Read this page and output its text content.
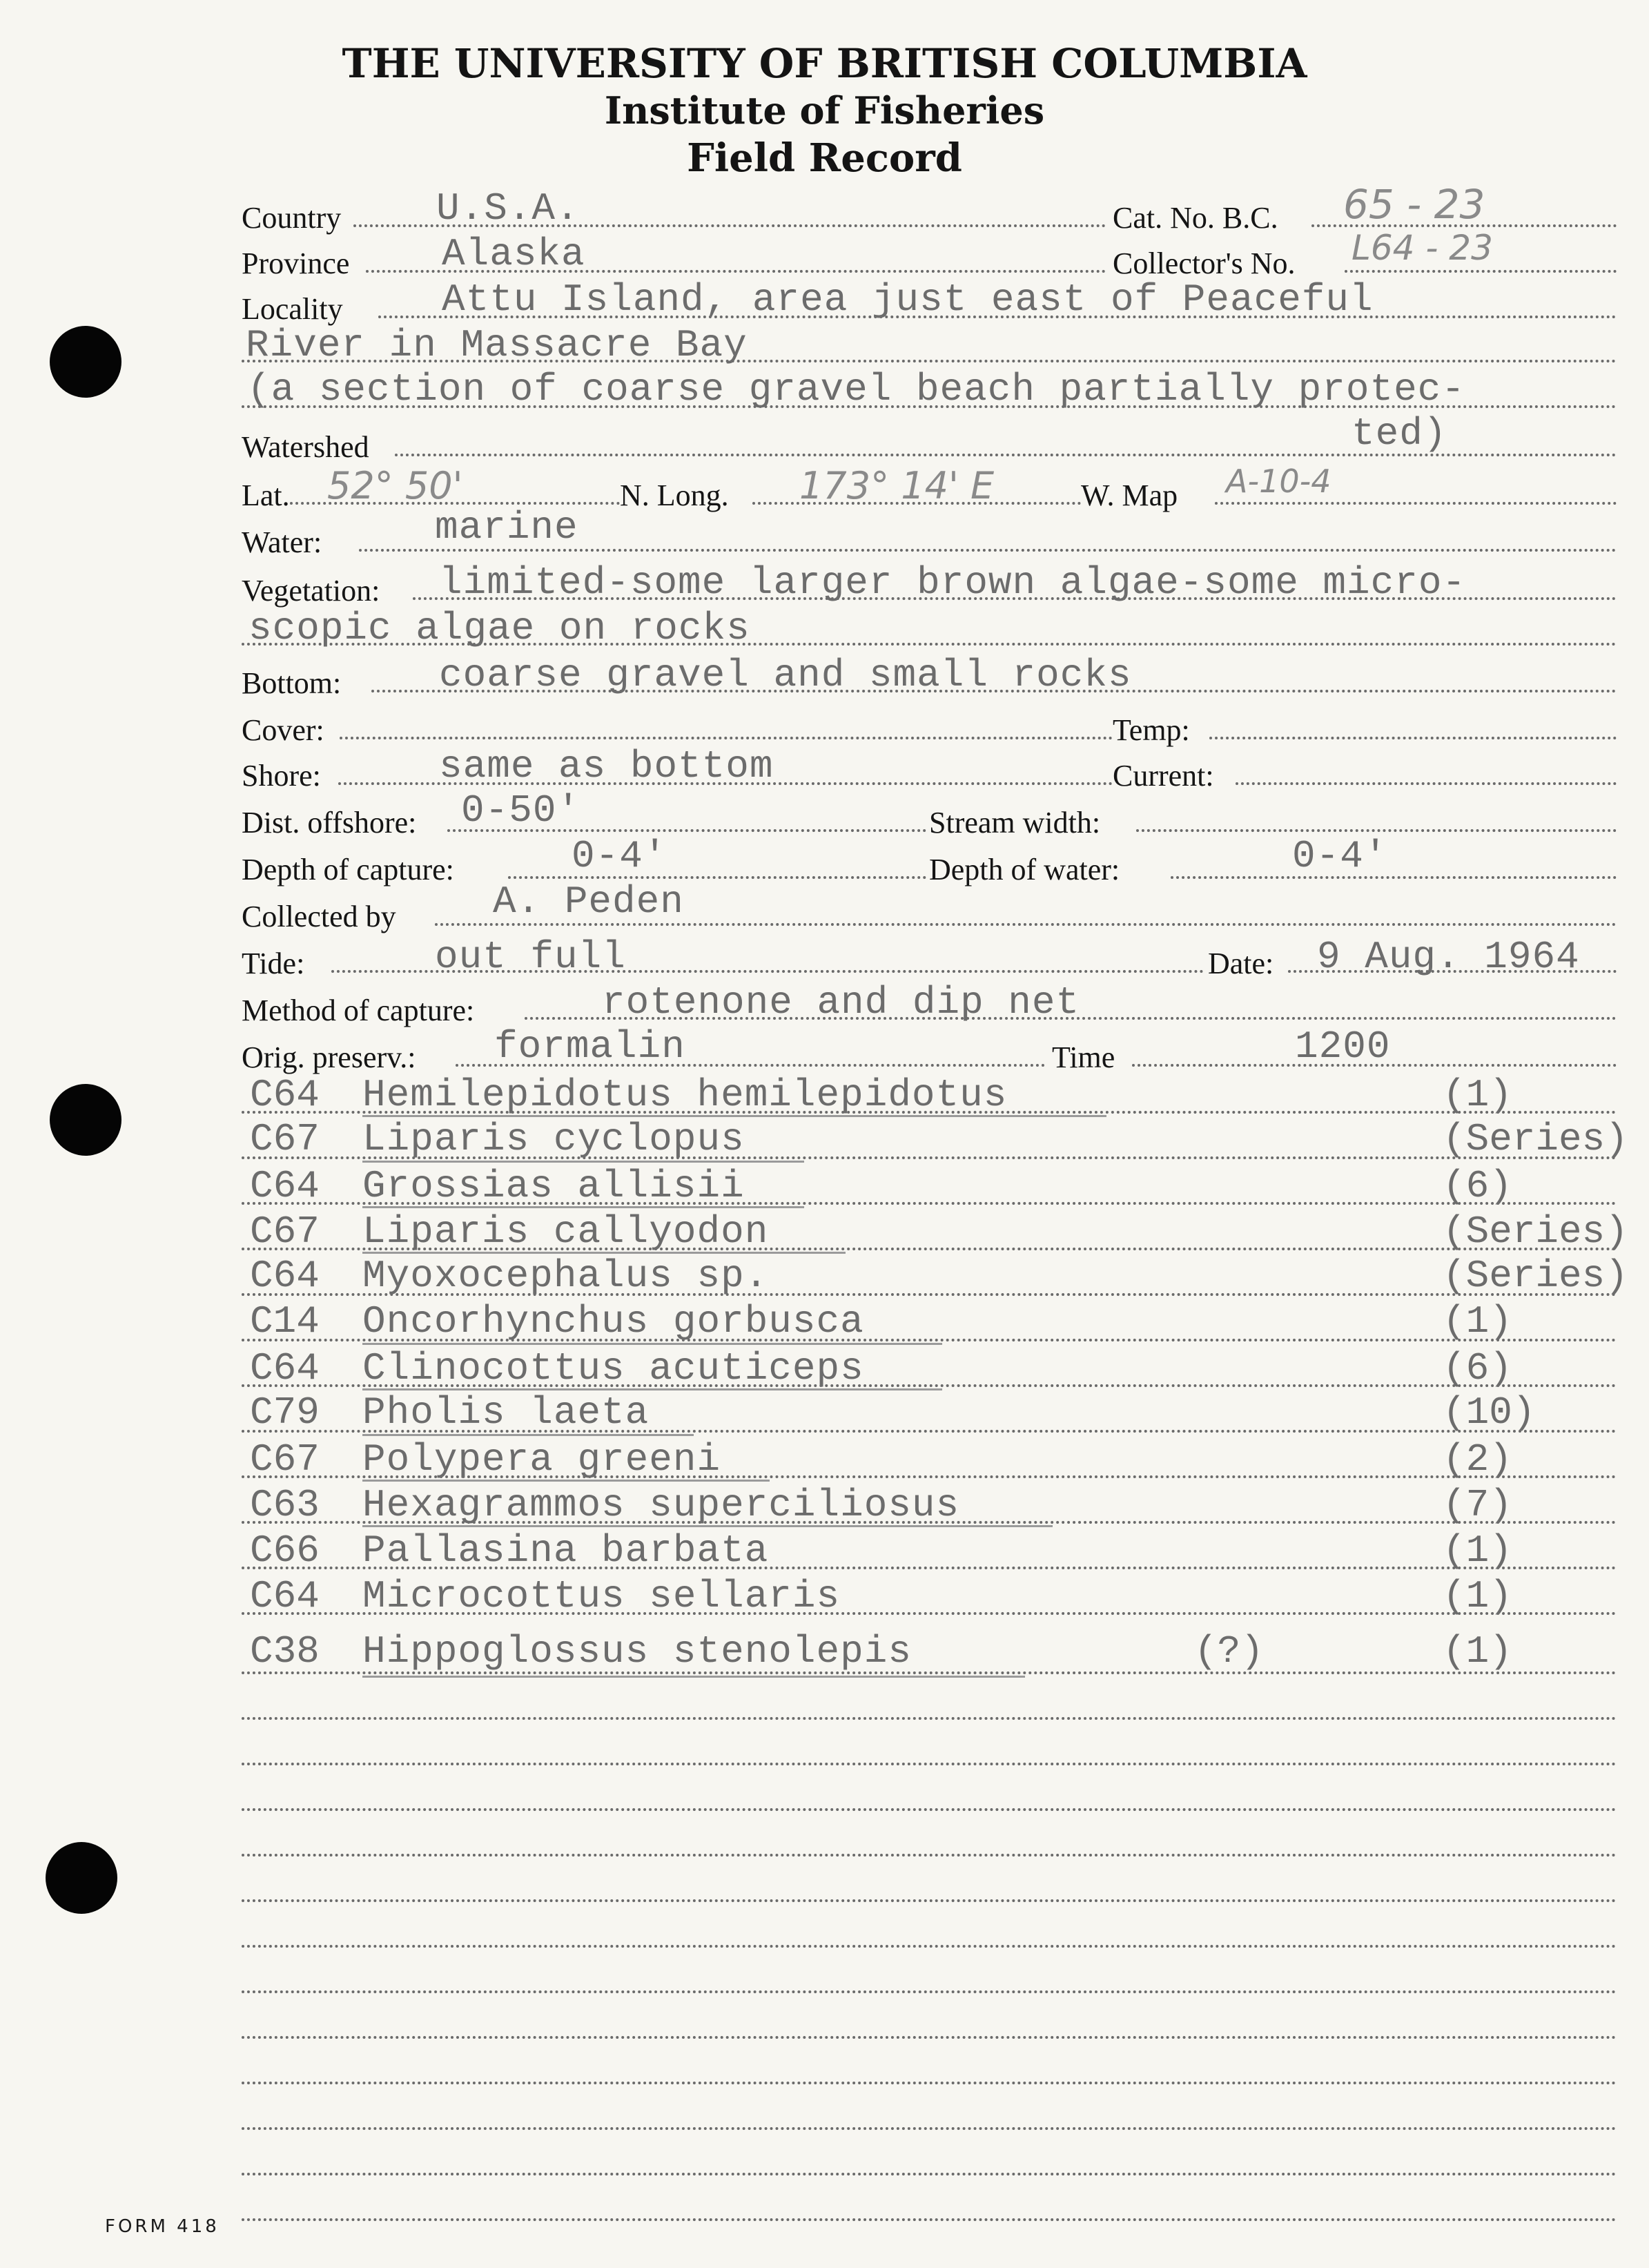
THE UNIVERSITY OF BRITISH COLUMBIA
Institute of Fisheries
Field Record
Country U.S.A.	Cat. No. B.C. 65 - 23
Province Alaska	Collector's No. L64 - 23
Locality	Attu Island, area just east of Peaceful
River in Massacre Bay
(a section of coarse gravel beach partially protec-
Watershed	ted)
Lat. 52° 50'	N. Long. 173° 14' E	W. Map A-10-4
Water:	marine
Vegetation: limited-some larger brown algae-some micro-
scopic algae on rocks
Bottom:	coarse gravel and small rocks
Cover:	Temp:
Shore:	same as bottom	Current:
Dist. offshore: 0-50'	Stream width:
Depth of capture:	0-4'	Depth of water:	0-4'
Collected by	A. Peden
Tide:	out full	Date: 9 Aug. 1964
Method of capture:	rotenone and dip net
Orig. preserv.: formalin	Time	1200
C64 Hemilepidotus hemilepidotus	(1)
C67 Liparis cyclopus	(Series)
C64 Grossias allisii	(6)
C67 Liparis callyodon	(Series)
C64 Myoxocephalus sp.	(Series)
C14 Oncorhynchus gorbusca	(1)
C64 Clinocottus acuticeps	(6)
C79 Pholis laeta	(10)
C67 Polypera greeni	(2)
C63 Hexagrammos superciliosus	(7)
C66 Pallasina barbata	(1)
C64 Microcottus sellaris	(1)
C38 Hippoglossus stenolepis	(?)	(1)
FORM 418
